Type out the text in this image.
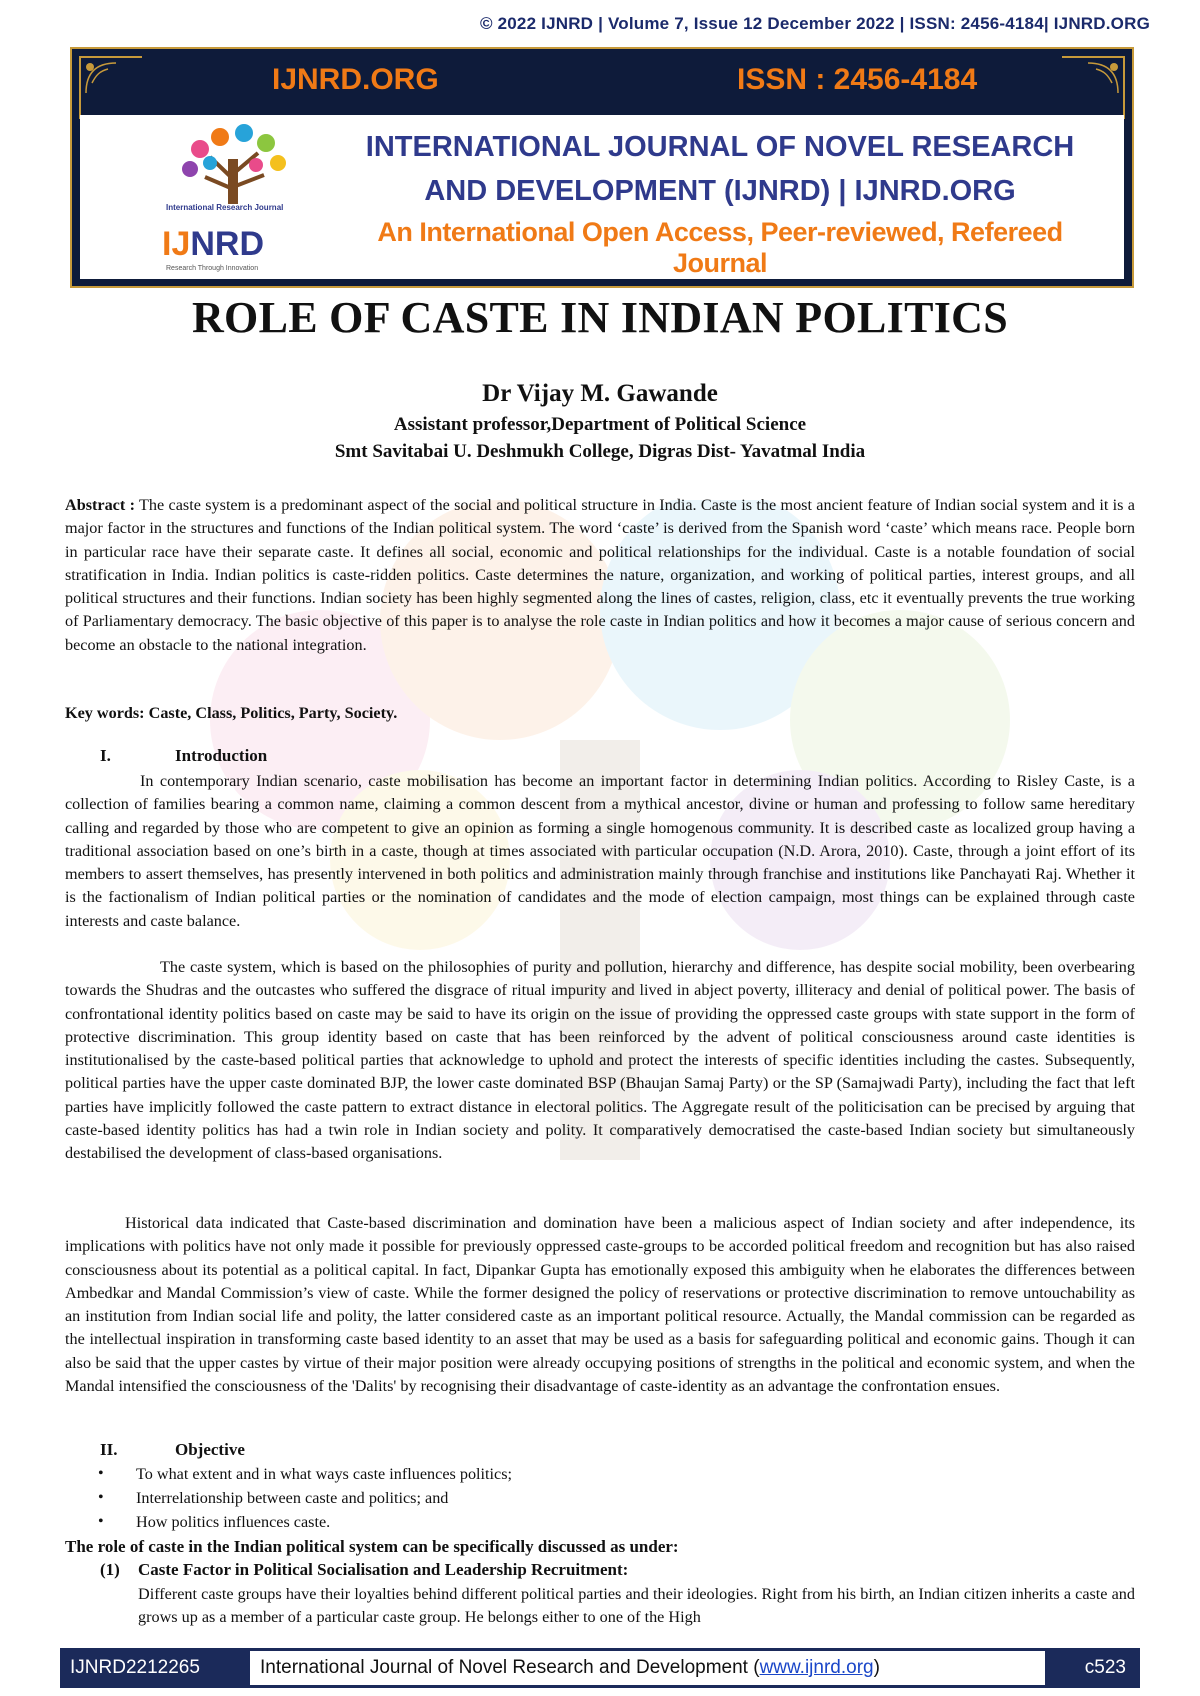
© 2022 IJNRD | Volume 7, Issue 12 December 2022 | ISSN: 2456-4184| IJNRD.ORG
IJNRD.ORG	ISSN : 2456-4184
International Research Journal
IJNRD
Research Through Innovation
INTERNATIONAL JOURNAL OF NOVEL RESEARCH
AND DEVELOPMENT (IJNRD) | IJNRD.ORG
An International Open Access, Peer-reviewed, Refereed Journal
ROLE OF CASTE IN INDIAN POLITICS
Dr Vijay M. Gawande
Assistant professor,Department of Political Science
Smt Savitabai U. Deshmukh College, Digras Dist- Yavatmal India

Abstract : The caste system is a predominant aspect of the social and political structure in India. Caste is the most ancient feature of Indian social system and it is a major factor in the structures and functions of the Indian political system. The word ‘caste’ is derived from the Spanish word ‘caste’ which means race. People born in particular race have their separate caste. It defines all social, economic and political relationships for the individual. Caste is a notable foundation of social stratification in India. Indian politics is caste-ridden politics. Caste determines the nature, organization, and working of political parties, interest groups, and all political structures and their functions. Indian society has been highly segmented along the lines of castes, religion, class, etc it eventually prevents the true working of Parliamentary democracy. The basic objective of this paper is to analyse the role caste in Indian politics and how it becomes a major cause of serious concern and become an obstacle to the national integration.

Key words: Caste, Class, Politics, Party, Society.

I.	Introduction

In contemporary Indian scenario, caste mobilisation has become an important factor in determining Indian politics. According to Risley Caste, is a collection of families bearing a common name, claiming a common descent from a mythical ancestor, divine or human and professing to follow same hereditary calling and regarded by those who are competent to give an opinion as forming a single homogenous community. It is described caste as localized group having a traditional association based on one’s birth in a caste, though at times associated with particular occupation (N.D. Arora, 2010). Caste, through a joint effort of its members to assert themselves, has presently intervened in both politics and administration mainly through franchise and institutions like Panchayati Raj. Whether it is the factionalism of Indian political parties or the nomination of candidates and the mode of election campaign, most things can be explained through caste interests and caste balance.

The caste system, which is based on the philosophies of purity and pollution, hierarchy and difference, has despite social mobility, been overbearing towards the Shudras and the outcastes who suffered the disgrace of ritual impurity and lived in abject poverty, illiteracy and denial of political power. The basis of confrontational identity politics based on caste may be said to have its origin on the issue of providing the oppressed caste groups with state support in the form of protective discrimination. This group identity based on caste that has been reinforced by the advent of political consciousness around caste identities is institutionalised by the caste-based political parties that acknowledge to uphold and protect the interests of specific identities including the castes. Subsequently, political parties have the upper caste dominated BJP, the lower caste dominated BSP (Bhaujan Samaj Party) or the SP (Samajwadi Party), including the fact that left parties have implicitly followed the caste pattern to extract distance in electoral politics. The Aggregate result of the politicisation can be precised by arguing that caste-based identity politics has had a twin role in Indian society and polity. It comparatively democratised the caste-based Indian society but simultaneously destabilised the development of class-based organisations.

Historical data indicated that Caste-based discrimination and domination have been a malicious aspect of Indian society and after independence, its implications with politics have not only made it possible for previously oppressed caste-groups to be accorded political freedom and recognition but has also raised consciousness about its potential as a political capital. In fact, Dipankar Gupta has emotionally exposed this ambiguity when he elaborates the differences between Ambedkar and Mandal Commission’s view of caste. While the former designed the policy of reservations or protective discrimination to remove untouchability as an institution from Indian social life and polity, the latter considered caste as an important political resource. Actually, the Mandal commission can be regarded as the intellectual inspiration in transforming caste based identity to an asset that may be used as a basis for safeguarding political and economic gains. Though it can also be said that the upper castes by virtue of their major position were already occupying positions of strengths in the political and economic system, and when the Mandal intensified the consciousness of the 'Dalits' by recognising their disadvantage of caste-identity as an advantage the confrontation ensues.

II.	Objective
• To what extent and in what ways caste influences politics;
• Interrelationship between caste and politics; and
• How politics influences caste.
The role of caste in the Indian political system can be specifically discussed as under:
(1) Caste Factor in Political Socialisation and Leadership Recruitment:

Different caste groups have their loyalties behind different political parties and their ideologies. Right from his birth, an Indian citizen inherits a caste and grows up as a member of a particular caste group. He belongs either to one of the High

IJNRD2212265	International Journal of Novel Research and Development (www.ijnrd.org)	c523
